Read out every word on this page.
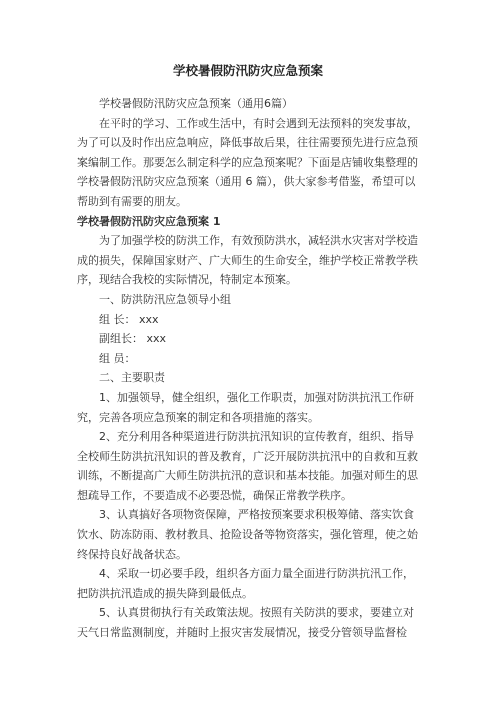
学校暑假防汛防灾应急预案

学校暑假防汛防灾应急预案（通用6篇）

在平时的学习、工作或生活中，有时会遇到无法预料的突发事故，为了可以及时作出应急响应，降低事故后果，往往需要预先进行应急预案编制工作。那要怎么制定科学的应急预案呢？下面是店铺收集整理的学校暑假防汛防灾应急预案（通用 6 篇），供大家参考借鉴，希望可以帮助到有需要的朋友。

学校暑假防汛防灾应急预案 1

为了加强学校的防洪工作，有效预防洪水，减轻洪水灾害对学校造成的损失，保障国家财产、广大师生的生命安全，维护学校正常教学秩序，现结合我校的实际情况，特制定本预案。

一、防洪防汛应急领导小组

组 长： xxx

副组长： xxx

组 员：

二、主要职责

1、加强领导，健全组织，强化工作职责，加强对防洪抗汛工作研究，完善各项应急预案的制定和各项措施的落实。

2、充分利用各种渠道进行防洪抗汛知识的宣传教育，组织、指导全校师生防洪抗汛知识的普及教育，广泛开展防洪抗汛中的自救和互救训练，不断提高广大师生防洪抗汛的意识和基本技能。加强对师生的思想疏导工作，不要造成不必要恐慌，确保正常教学秩序。

3、认真搞好各项物资保障，严格按预案要求积极筹储、落实饮食饮水、防冻防雨、教材教具、抢险设备等物资落实，强化管理，使之始终保持良好战备状态。

4、采取一切必要手段，组织各方面力量全面进行防洪抗汛工作，把防洪抗汛造成的损失降到最低点。

5、认真贯彻执行有关政策法规。按照有关防洪的要求，要建立对天气日常监测制度，并随时上报灾害发展情况，接受分管领导监督检
